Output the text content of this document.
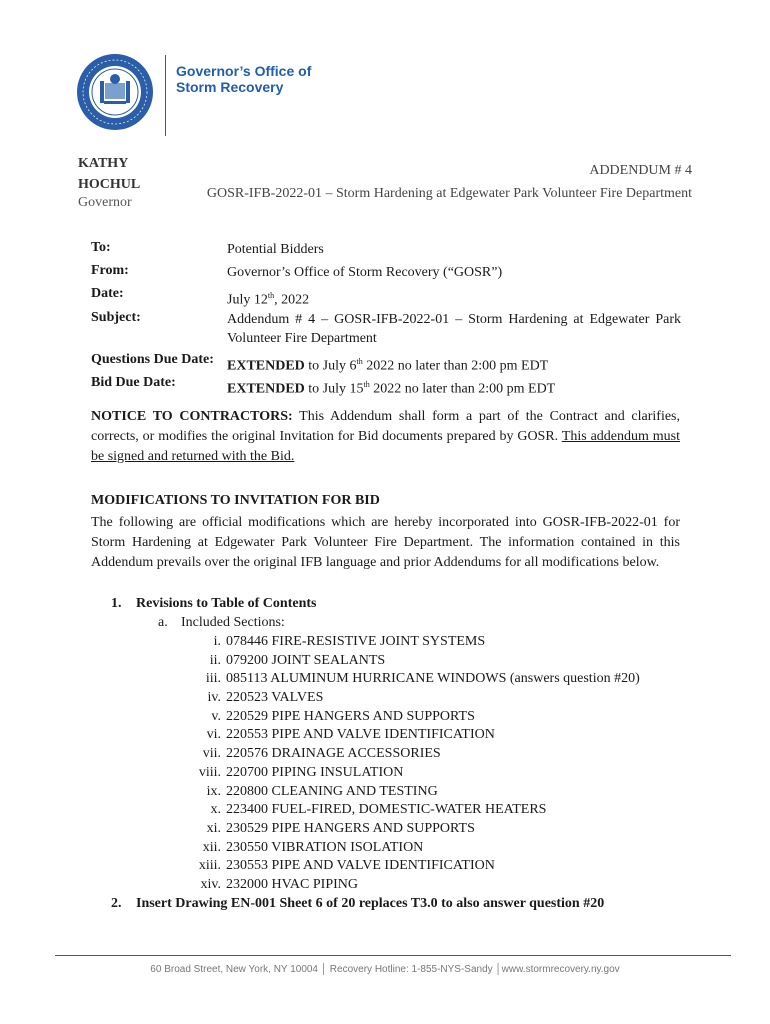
Governor’s Office of
Storm Recovery
KATHY
HOCHUL
Governor
ADDENDUM # 4
GOSR-IFB-2022-01 – Storm Hardening at Edgewater Park Volunteer Fire Department
To:	Potential Bidders
From:	Governor’s Office of Storm Recovery (“GOSR”)
Date:	July 12th, 2022
Subject:	Addendum # 4 – GOSR-IFB-2022-01 – Storm Hardening at Edgewater Park Volunteer Fire Department
Questions Due Date: EXTENDED to July 6th 2022 no later than 2:00 pm EDT
Bid Due Date:	EXTENDED to July 15th 2022 no later than 2:00 pm EDT
NOTICE TO CONTRACTORS: This Addendum shall form a part of the Contract and clarifies, corrects, or modifies the original Invitation for Bid documents prepared by GOSR. This addendum must be signed and returned with the Bid.
MODIFICATIONS TO INVITATION FOR BID
The following are official modifications which are hereby incorporated into GOSR-IFB-2022-01 for Storm Hardening at Edgewater Park Volunteer Fire Department. The information contained in this Addendum prevails over the original IFB language and prior Addendums for all modifications below.
1. Revisions to Table of Contents
a. Included Sections:
i. 078446 FIRE-RESISTIVE JOINT SYSTEMS
ii. 079200 JOINT SEALANTS
iii. 085113 ALUMINUM HURRICANE WINDOWS (answers question #20)
iv. 220523 VALVES
v. 220529 PIPE HANGERS AND SUPPORTS
vi. 220553 PIPE AND VALVE IDENTIFICATION
vii. 220576 DRAINAGE ACCESSORIES
viii. 220700 PIPING INSULATION
ix. 220800 CLEANING AND TESTING
x. 223400 FUEL-FIRED, DOMESTIC-WATER HEATERS
xi. 230529 PIPE HANGERS AND SUPPORTS
xii. 230550 VIBRATION ISOLATION
xiii. 230553 PIPE AND VALVE IDENTIFICATION
xiv. 232000 HVAC PIPING
2. Insert Drawing EN-001 Sheet 6 of 20 replaces T3.0 to also answer question #20
60 Broad Street, New York, NY 10004 │ Recovery Hotline: 1-855-NYS-Sandy │www.stormrecovery.ny.gov
